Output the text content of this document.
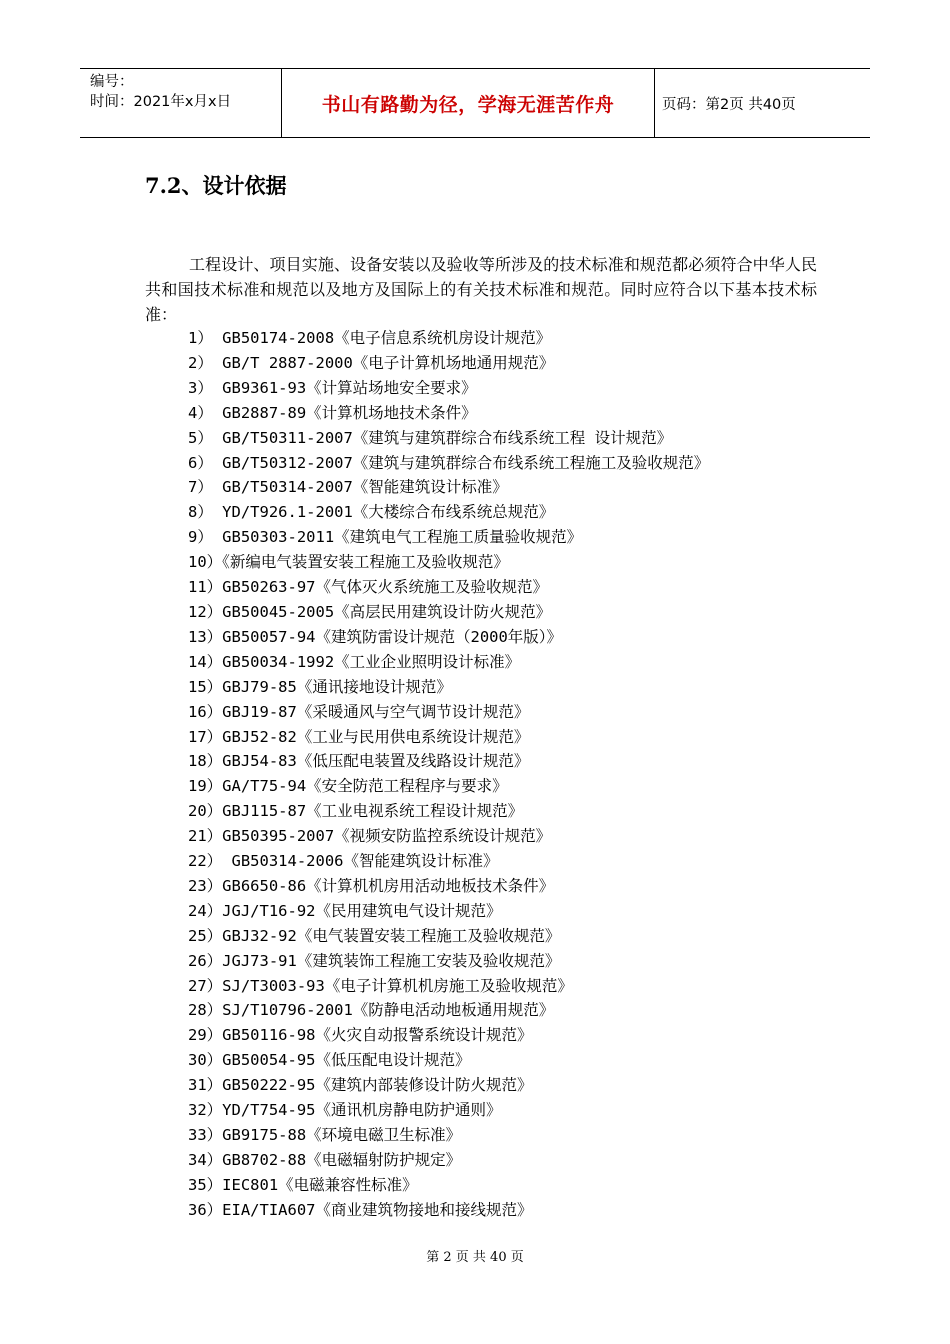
编号：
时间：2021年x月x日	书山有路勤为径，学海无涯苦作舟	页码：第2页 共40页
7.2、设计依据
工程设计、项目实施、设备安装以及验收等所涉及的技术标准和规范都必须符合中华人民共和国技术标准和规范以及地方及国际上的有关技术标准和规范。同时应符合以下基本技术标准：
1） GB50174-2008《电子信息系统机房设计规范》
2） GB/T 2887-2000《电子计算机场地通用规范》
3） GB9361-93《计算站场地安全要求》
4） GB2887-89《计算机场地技术条件》
5） GB/T50311-2007《建筑与建筑群综合布线系统工程 设计规范》
6） GB/T50312-2007《建筑与建筑群综合布线系统工程施工及验收规范》
7） GB/T50314-2007《智能建筑设计标准》
8） YD/T926.1-2001《大楼综合布线系统总规范》
9） GB50303-2011《建筑电气工程施工质量验收规范》
10）《新编电气装置安装工程施工及验收规范》
11）GB50263-97《气体灭火系统施工及验收规范》
12）GB50045-2005《高层民用建筑设计防火规范》
13）GB50057-94《建筑防雷设计规范（2000年版）》
14）GB50034-1992《工业企业照明设计标准》
15）GBJ79-85《通讯接地设计规范》
16）GBJ19-87《采暖通风与空气调节设计规范》
17）GBJ52-82《工业与民用供电系统设计规范》
18）GBJ54-83《低压配电装置及线路设计规范》
19）GA/T75-94《安全防范工程程序与要求》
20）GBJ115-87《工业电视系统工程设计规范》
21）GB50395-2007《视频安防监控系统设计规范》
22） GB50314-2006《智能建筑设计标准》
23）GB6650-86《计算机机房用活动地板技术条件》
24）JGJ/T16-92《民用建筑电气设计规范》
25）GBJ32-92《电气装置安装工程施工及验收规范》
26）JGJ73-91《建筑装饰工程施工安装及验收规范》
27）SJ/T3003-93《电子计算机机房施工及验收规范》
28）SJ/T10796-2001《防静电活动地板通用规范》
29）GB50116-98《火灾自动报警系统设计规范》
30）GB50054-95《低压配电设计规范》
31）GB50222-95《建筑内部装修设计防火规范》
32）YD/T754-95《通讯机房静电防护通则》
33）GB9175-88《环境电磁卫生标准》
34）GB8702-88《电磁辐射防护规定》
35）IEC801《电磁兼容性标准》
36）EIA/TIA607《商业建筑物接地和接线规范》
第 2 页 共 40 页
